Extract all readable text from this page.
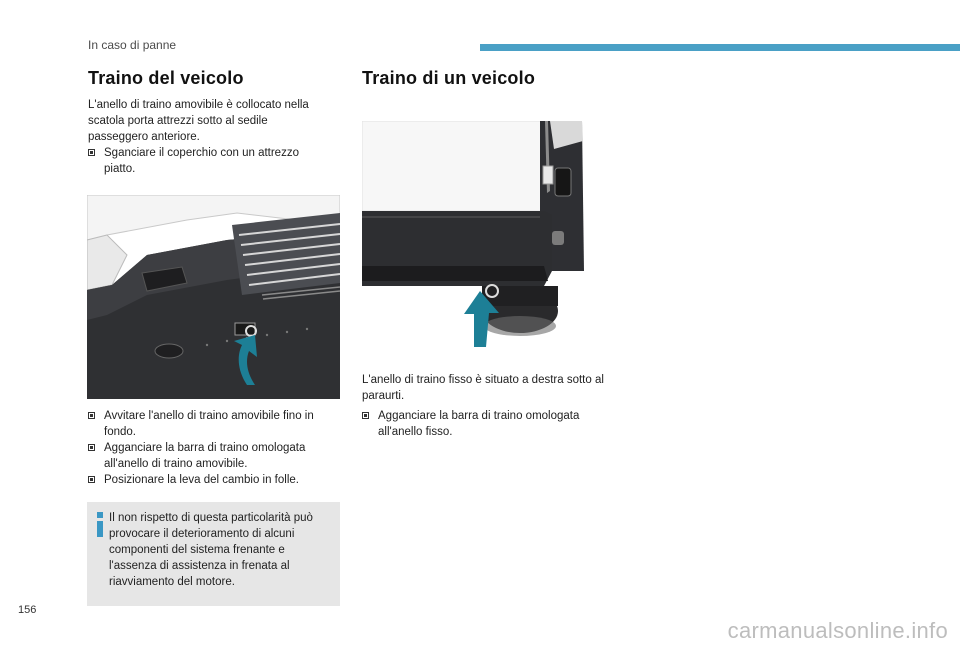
In caso di panne
Traino del veicolo
L'anello di traino amovibile è collocato nella scatola porta attrezzi sotto al sedile passeggero anteriore.
Sganciare il coperchio con un attrezzo piatto.
Avvitare l'anello di traino amovibile fino in fondo.
Agganciare la barra di traino omologata all'anello di traino amovibile.
Posizionare la leva del cambio in folle.
Il non rispetto di questa particolarità può provocare il deterioramento di alcuni componenti del sistema frenante e l'assenza di assistenza in frenata al riavviamento del motore.
Traino di un veicolo
L'anello di traino fisso è situato a destra sotto al paraurti.
Agganciare la barra di traino omologata all'anello fisso.
156
carmanualsonline.info
